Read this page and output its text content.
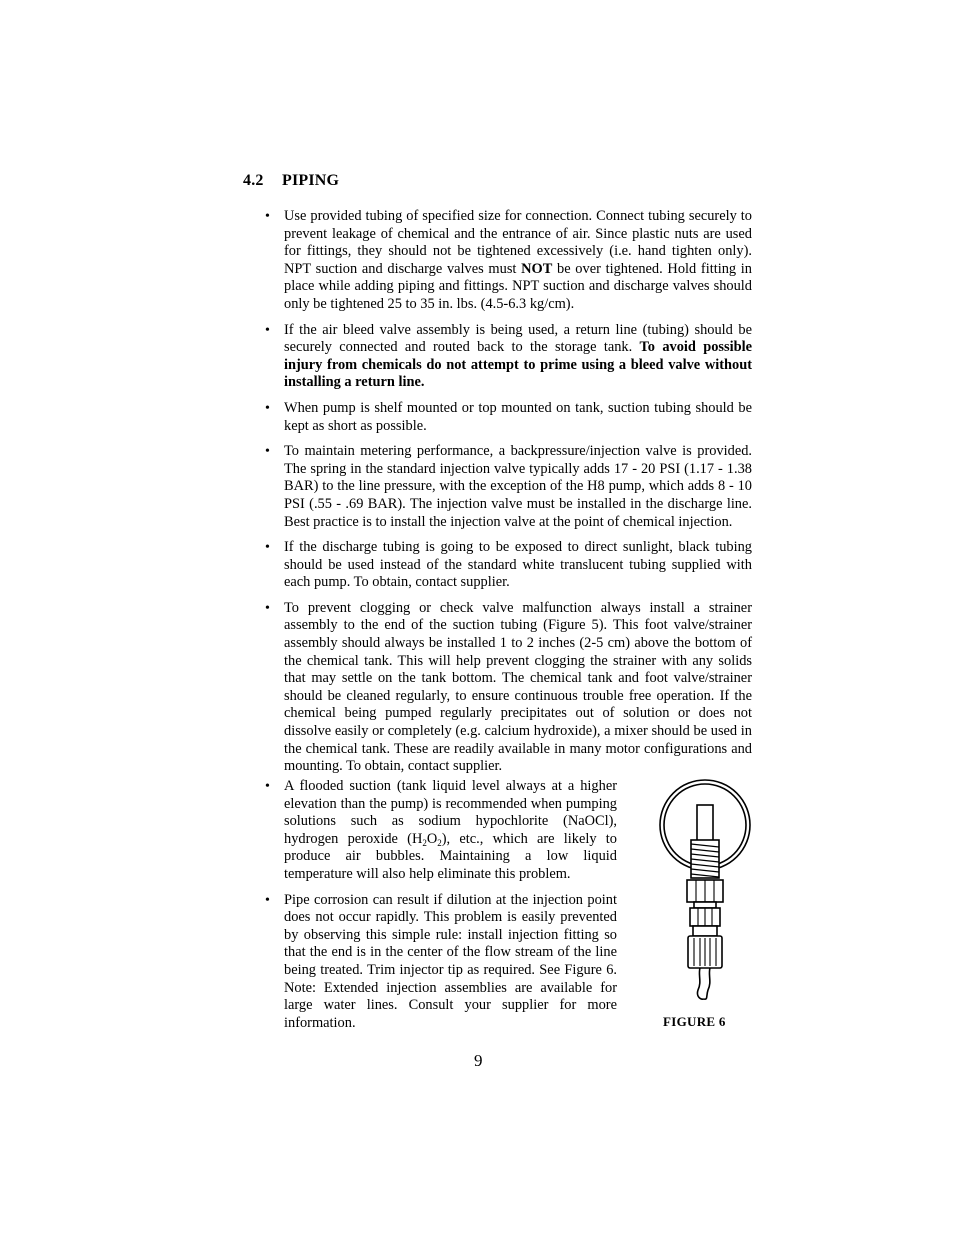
4.2 PIPING
• Use provided tubing of specified size for connection. Connect tubing securely to prevent leakage of chemical and the entrance of air. Since plastic nuts are used for fittings, they should not be tightened excessively (i.e. hand tighten only). NPT suction and discharge valves must NOT be over tightened. Hold fitting in place while adding piping and fittings. NPT suction and discharge valves should only be tightened 25 to 35 in. lbs. (4.5-6.3 kg/cm).
• If the air bleed valve assembly is being used, a return line (tubing) should be securely connected and routed back to the storage tank. To avoid possible injury from chemicals do not attempt to prime using a bleed valve without installing a return line.
• When pump is shelf mounted or top mounted on tank, suction tubing should be kept as short as possible.
• To maintain metering performance, a backpressure/injection valve is provided. The spring in the standard injection valve typically adds 17 - 20 PSI (1.17 - 1.38 BAR) to the line pressure, with the exception of the H8 pump, which adds 8 - 10 PSI (.55 - .69 BAR). The injection valve must be installed in the discharge line. Best practice is to install the injection valve at the point of chemical injection.
• If the discharge tubing is going to be exposed to direct sunlight, black tubing should be used instead of the standard white translucent tubing supplied with each pump. To obtain, contact supplier.
• To prevent clogging or check valve malfunction always install a strainer assembly to the end of the suction tubing (Figure 5). This foot valve/strainer assembly should always be installed 1 to 2 inches (2-5 cm) above the bottom of the chemical tank. This will help prevent clogging the strainer with any solids that may settle on the tank bottom. The chemical tank and foot valve/strainer should be cleaned regularly, to ensure continuous trouble free operation. If the chemical being pumped regularly precipitates out of solution or does not dissolve easily or completely (e.g. calcium hydroxide), a mixer should be used in the chemical tank. These are readily available in many motor configurations and mounting. To obtain, contact supplier.
• A flooded suction (tank liquid level always at a higher elevation than the pump) is recommended when pumping solutions such as sodium hypochlorite (NaOCl), hydrogen peroxide $(H_2O_2)$, etc., which are likely to produce air bubbles. Maintaining a low liquid temperature will also help eliminate this problem.
• Pipe corrosion can result if dilution at the injection point does not occur rapidly. This problem is easily prevented by observing this simple rule: install injection fitting so that the end is in the center of the flow stream of the line being treated. Trim injector tip as required. See Figure 6. Note: Extended injection assemblies are available for large water lines. Consult your supplier for more information.	FIGURE 6
9
